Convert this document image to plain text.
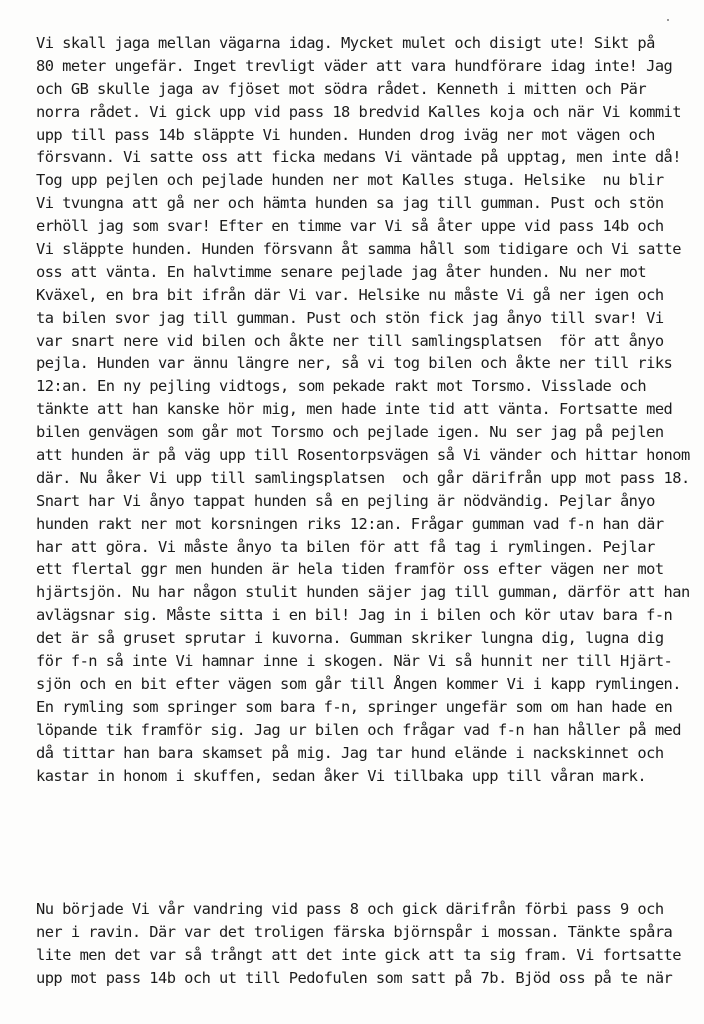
Vi skall jaga mellan vägarna idag. Mycket mulet och disigt ute! Sikt på
80 meter ungefär. Inget trevligt väder att vara hundförare idag inte! Jag
och GB skulle jaga av fjöset mot södra rådet. Kenneth i mitten och Pär
norra rådet. Vi gick upp vid pass 18 bredvid Kalles koja och när Vi kommit
upp till pass 14b släppte Vi hunden. Hunden drog iväg ner mot vägen och
försvann. Vi satte oss att ficka medans Vi väntade på upptag, men inte då!
Tog upp pejlen och pejlade hunden ner mot Kalles stuga. Helsike  nu blir
Vi tvungna att gå ner och hämta hunden sa jag till gumman. Pust och stön
erhöll jag som svar! Efter en timme var Vi så åter uppe vid pass 14b och
Vi släppte hunden. Hunden försvann åt samma håll som tidigare och Vi satte
oss att vänta. En halvtimme senare pejlade jag åter hunden. Nu ner mot
Kväxel, en bra bit ifrån där Vi var. Helsike nu måste Vi gå ner igen och
ta bilen svor jag till gumman. Pust och stön fick jag ånyo till svar! Vi
var snart nere vid bilen och åkte ner till samlingsplatsen  för att ånyo
pejla. Hunden var ännu längre ner, så vi tog bilen och åkte ner till riks
12:an. En ny pejling vidtogs, som pekade rakt mot Torsmo. Visslade och
tänkte att han kanske hör mig, men hade inte tid att vänta. Fortsatte med
bilen genvägen som går mot Torsmo och pejlade igen. Nu ser jag på pejlen
att hunden är på väg upp till Rosentorpsvägen så Vi vänder och hittar honom
där. Nu åker Vi upp till samlingsplatsen  och går därifrån upp mot pass 18.
Snart har Vi ånyo tappat hunden så en pejling är nödvändig. Pejlar ånyo
hunden rakt ner mot korsningen riks 12:an. Frågar gumman vad f-n han där
har att göra. Vi måste ånyo ta bilen för att få tag i rymlingen. Pejlar
ett flertal ggr men hunden är hela tiden framför oss efter vägen ner mot
hjärtsjön. Nu har någon stulit hunden säjer jag till gumman, därför att han
avlägsnar sig. Måste sitta i en bil! Jag in i bilen och kör utav bara f-n
det är så gruset sprutar i kuvorna. Gumman skriker lungna dig, lugna dig
för f-n så inte Vi hamnar inne i skogen. När Vi så hunnit ner till Hjärt-
sjön och en bit efter vägen som går till Ången kommer Vi i kapp rymlingen.
En rymling som springer som bara f-n, springer ungefär som om han hade en
löpande tik framför sig. Jag ur bilen och frågar vad f-n han håller på med
då tittar han bara skamset på mig. Jag tar hund elände i nackskinnet och
kastar in honom i skuffen, sedan åker Vi tillbaka upp till våran mark.
Nu började Vi vår vandring vid pass 8 och gick därifrån förbi pass 9 och
ner i ravin. Där var det troligen färska björnspår i mossan. Tänkte spåra
lite men det var så trångt att det inte gick att ta sig fram. Vi fortsatte
upp mot pass 14b och ut till Pedofulen som satt på 7b. Bjöd oss på te när
